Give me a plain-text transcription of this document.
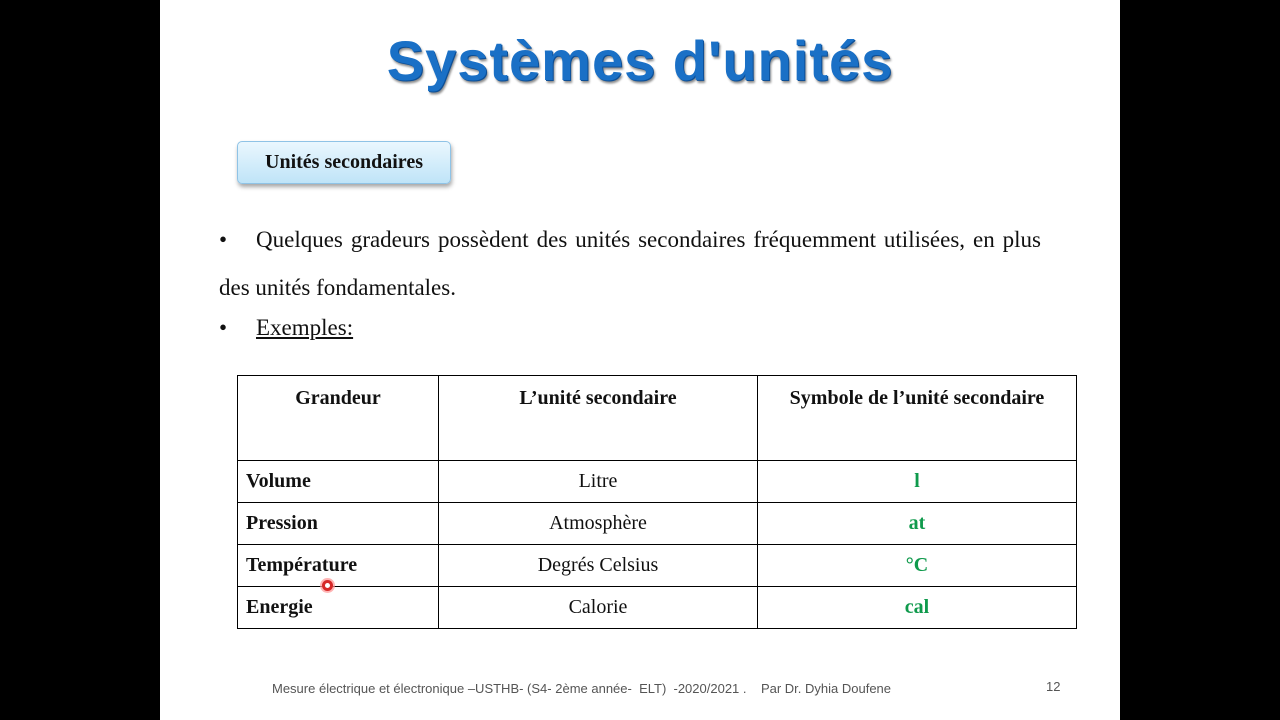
Systèmes d'unités
Unités secondaires
• Quelques gradeurs possèdent des unités secondaires fréquemment utilisées, en plus des unités fondamentales.
• Exemples:
Grandeur	L’unité secondaire	Symbole de l’unité secondaire
Volume	Litre	l
Pression	Atmosphère	at
Température	Degrés Celsius	°C
Energie	Calorie	cal
Mesure électrique et électronique –USTHB- (S4- 2ème année-  ELT)  -2020/2021 .    Par Dr. Dyhia Doufene	12
